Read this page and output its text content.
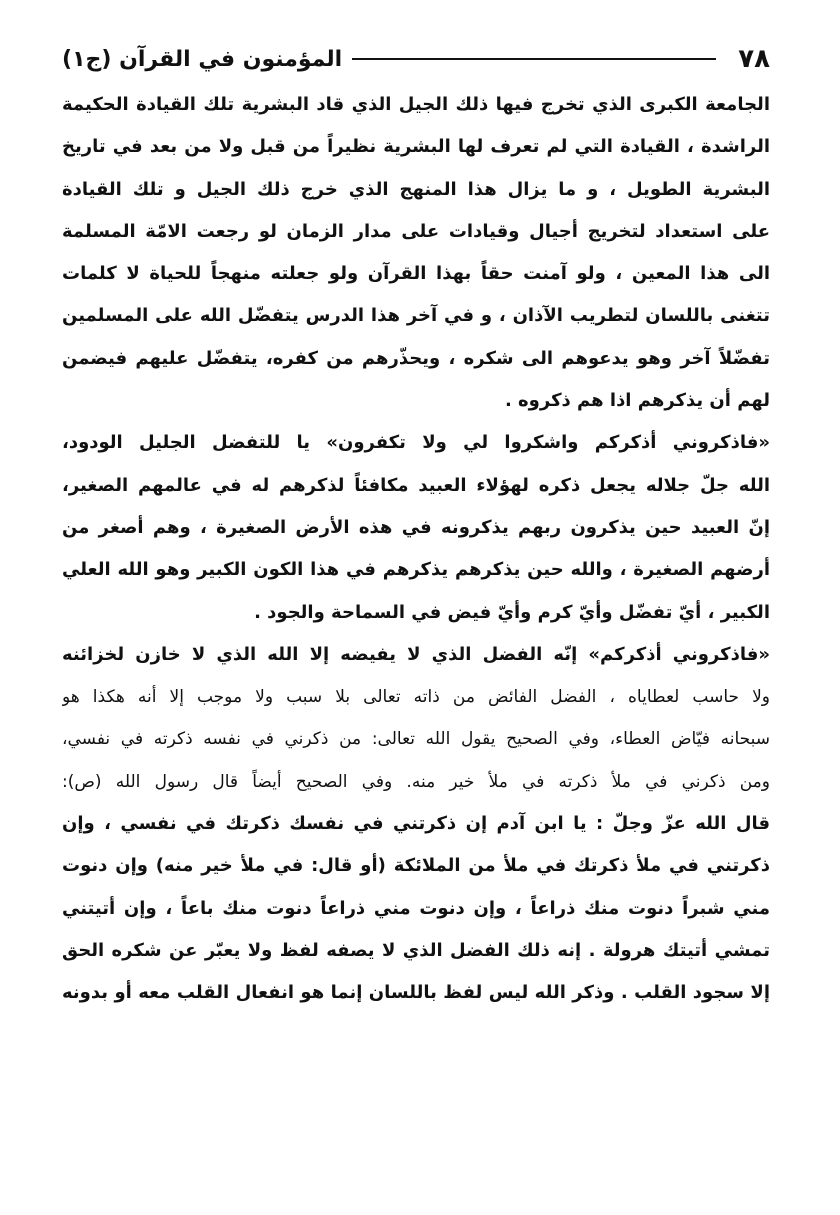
٧٨
المؤمنون في القرآن (ج١)
الجامعة الكبرى الذي تخرج فيها ذلك الجيل الذي قاد البشرية تلك القيادة الحكيمة
الراشدة ، القيادة التي لم تعرف لها البشرية نظيراً من قبل ولا من بعد في تاريخ
البشرية الطويل ، و ما يزال هذا المنهج الذي خرج ذلك الجيل و تلك القيادة
على استعداد لتخريج أجيال وقيادات على مدار الزمان لو رجعت الامّة المسلمة
الى هذا المعين ، ولو آمنت حقاً بهذا القرآن ولو جعلته منهجاً للحياة لا كلمات
تتغنى باللسان لتطريب الآذان ، و في آخر هذا الدرس يتفضّل الله على المسلمين
تفضّلاً آخر وهو يدعوهم الى شكره ، ويحذّرهم من كفره، يتفضّل عليهم فيضمن
لهم أن يذكرهم اذا هم ذكروه .
«فاذكروني أذكركم واشكروا لي ولا تكفرون» يا للتفضل الجليل الودود،
الله جلّ جلاله يجعل ذكره لهؤلاء العبيد مكافئاً لذكرهم له في عالمهم الصغير،
إنّ العبيد حين يذكرون ربهم يذكرونه في هذه الأرض الصغيرة ، وهم أصغر من
أرضهم الصغيرة ، والله حين يذكرهم يذكرهم في هذا الكون الكبير وهو الله العلي
الكبير ، أيّ تفضّل وأيّ كرم وأيّ فيض في السماحة والجود .
«فاذكروني أذكركم» إنّه الفضل الذي لا يفيضه إلا الله الذي لا خازن لخزائنه
ولا حاسب لعطاياه ، الفضل الفائض من ذاته تعالى بلا سبب ولا موجب إلا أنه هكذا هو
سبحانه فيّاض العطاء، وفي الصحيح يقول الله تعالى: من ذكرني في نفسه ذكرته في نفسي،
ومن ذكرني في ملأ ذكرته في ملأ خير منه. وفي الصحيح أيضاً قال رسول الله (ص):
قال الله عزّ وجلّ : يا ابن آدم إن ذكرتني في نفسك ذكرتك في نفسي ، وإن
ذكرتني في ملأ ذكرتك في ملأ من الملائكة (أو قال: في ملأ خير منه) وإن دنوت
مني شبراً دنوت منك ذراعاً ، وإن دنوت مني ذراعاً دنوت منك باعاً ، وإن أتيتني
تمشي أتيتك هرولة . إنه ذلك الفضل الذي لا يصفه لفظ ولا يعبّر عن شكره الحق
إلا سجود القلب . وذكر الله ليس لفظ باللسان إنما هو انفعال القلب معه أو بدونه
